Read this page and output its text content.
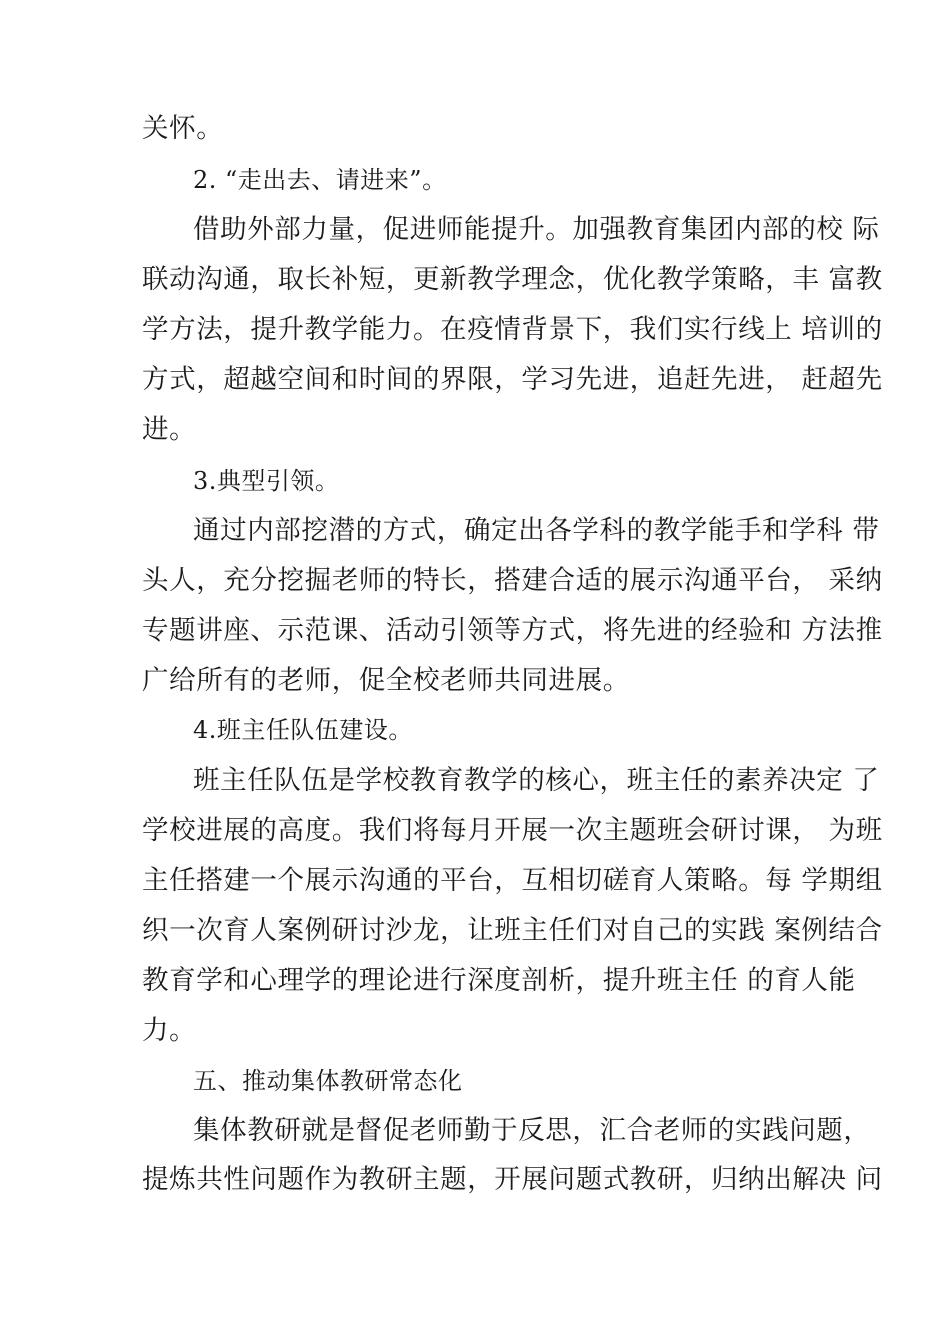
关怀。

2. “走出去、请进来”。

借助外部力量，促进师能提升。加强教育集团内部的校 际

联动沟通，取长补短，更新教学理念，优化教学策略，丰 富教

学方法，提升教学能力。在疫情背景下，我们实行线上 培训的

方式，超越空间和时间的界限，学习先进，追赶先进， 赶超先

进。

3.典型引领。

通过内部挖潜的方式，确定出各学科的教学能手和学科 带

头人，充分挖掘老师的特长，搭建合适的展示沟通平台， 采纳

专题讲座、示范课、活动引领等方式，将先进的经验和 方法推

广给所有的老师，促全校老师共同进展。

4.班主任队伍建设。

班主任队伍是学校教育教学的核心，班主任的素养决定 了

学校进展的高度。我们将每月开展一次主题班会研讨课， 为班

主任搭建一个展示沟通的平台，互相切磋育人策略。每 学期组

织一次育人案例研讨沙龙，让班主任们对自己的实践 案例结合

教育学和心理学的理论进行深度剖析，提升班主任 的育人能

力。

五、推动集体教研常态化

集体教研就是督促老师勤于反思，汇合老师的实践问题，

提炼共性问题作为教研主题，开展问题式教研，归纳出解决 问
